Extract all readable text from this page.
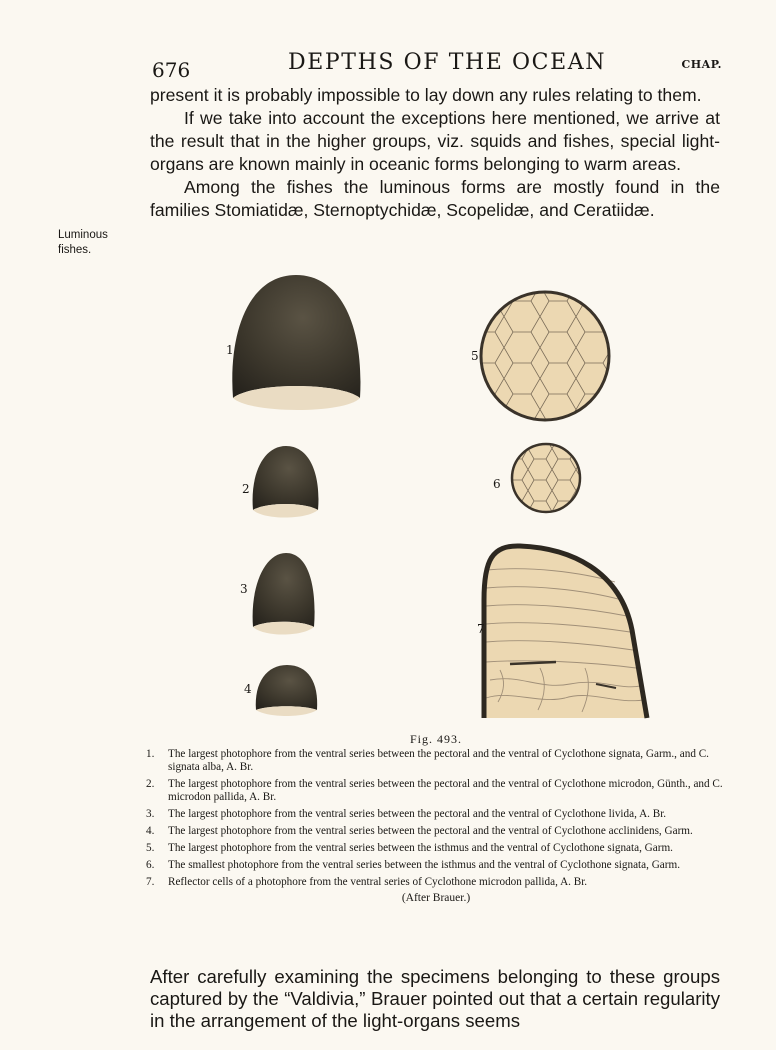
676	DEPTHS OF THE OCEAN	CHAP.

present it is probably impossible to lay down any rules relating to them.

If we take into account the exceptions here mentioned, we arrive at the result that in the higher groups, viz. squids and fishes, special light-organs are known mainly in oceanic forms belonging to warm areas.

Among the fishes the luminous forms are mostly found in the families Stomiatidæ, Sternoptychidæ, Scopelidæ, and Ceratiidæ.

Luminous
fishes.
1
2
3
4
5
6
7
Fig. 493.
1. The largest photophore from the ventral series between the pectoral and the ventral of Cyclothone signata, Garm., and C. signata alba, A. Br.
2. The largest photophore from the ventral series between the pectoral and the ventral of Cyclothone microdon, Günth., and C. microdon pallida, A. Br.
3. The largest photophore from the ventral series between the pectoral and the ventral of Cyclothone livida, A. Br.
4. The largest photophore from the ventral series between the pectoral and the ventral of Cyclothone acclinidens, Garm.
5. The largest photophore from the ventral series between the isthmus and the ventral of Cyclothone signata, Garm.
6. The smallest photophore from the ventral series between the isthmus and the ventral of Cyclothone signata, Garm.
7. Reflector cells of a photophore from the ventral series of Cyclothone microdon pallida, A. Br.
(After Brauer.)

After carefully examining the specimens belonging to these groups captured by the “Valdivia,” Brauer pointed out that a certain regularity in the arrangement of the light-organs seems
